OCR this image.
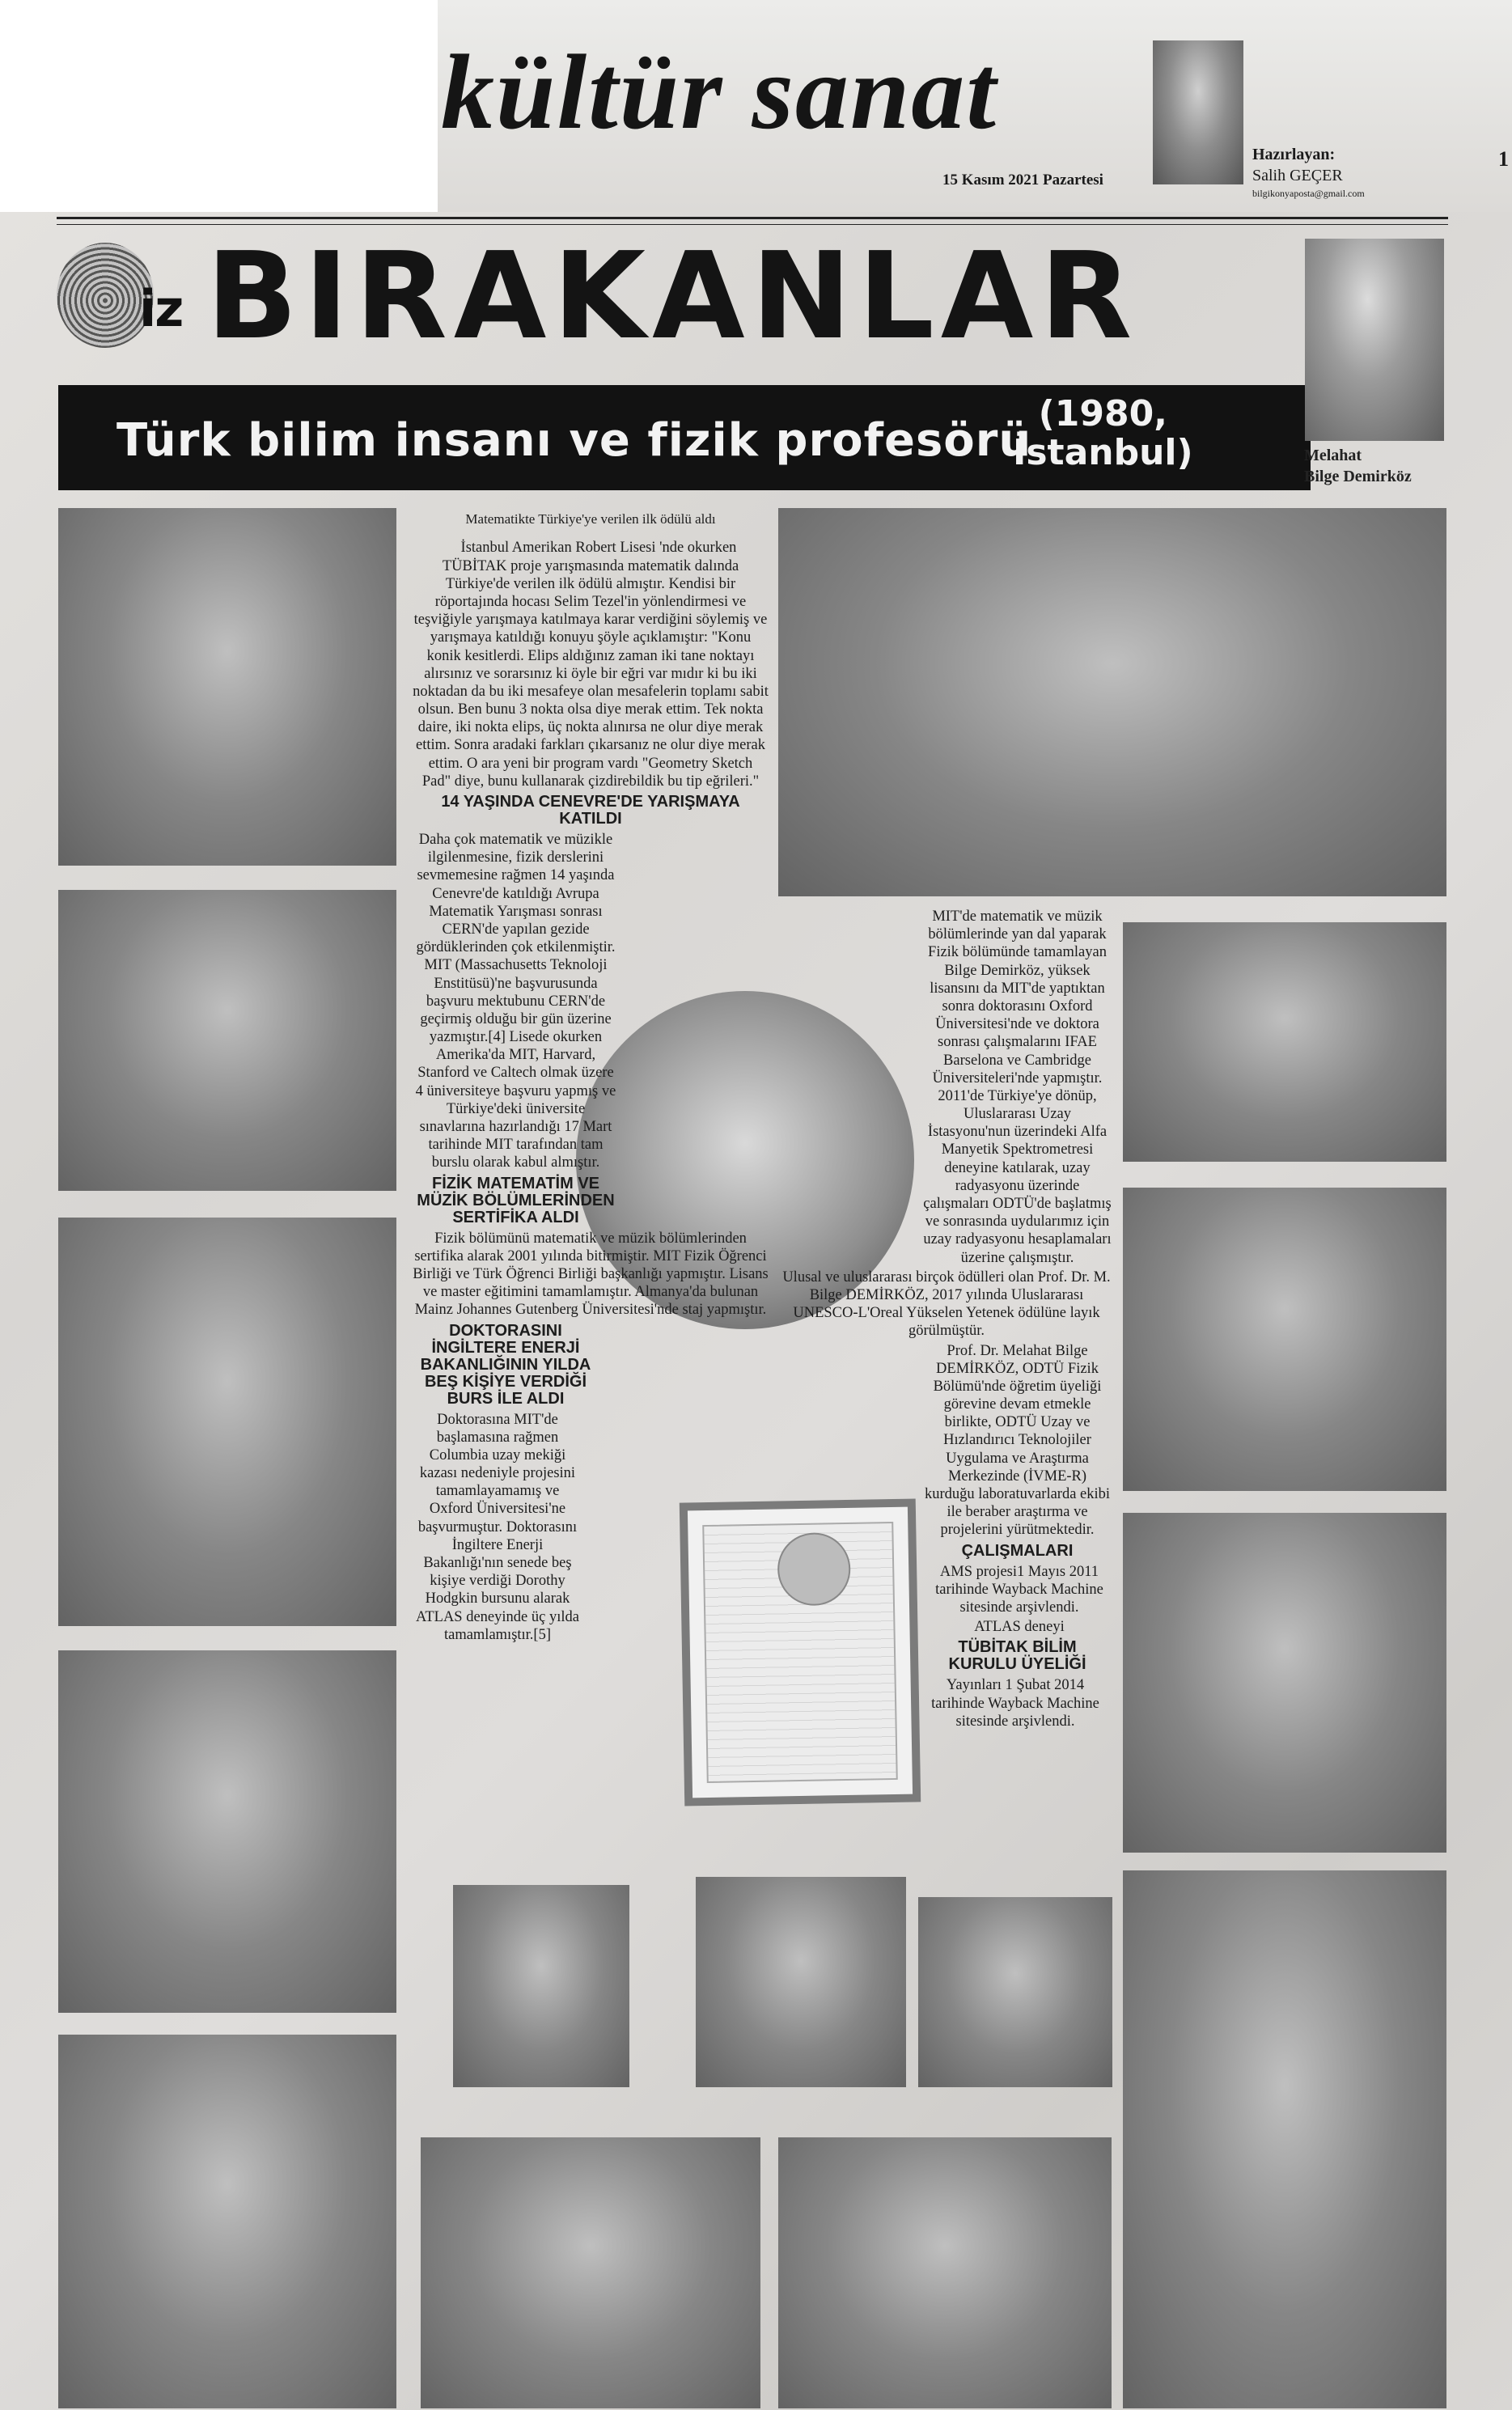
kültür sanat
15 Kasım 2021 Pazartesi
Hazırlayan:
Salih GEÇER
bilgikonyaposta@gmail.com
1
iz BIRAKANLAR
Türk bilim insanı ve fizik profesörü
(1980,
İstanbul)	Melahat
Bilge Demirköz

Matematikte Türkiye'ye verilen ilk ödülü aldı

İstanbul Amerikan Robert Lisesi 'nde okurken TÜBİTAK proje yarışmasında matematik dalında Türkiye'de verilen ilk ödülü almıştır. Kendisi bir röportajında hocası Selim Tezel'in yönlendirmesi ve teşviğiyle yarışmaya katılmaya karar verdiğini söylemiş ve yarışmaya katıldığı konuyu şöyle açıklamıştır: "Konu konik kesitlerdi. Elips aldığınız zaman iki tane noktayı alırsınız ve sorarsınız ki öyle bir eğri var mıdır ki bu iki noktadan da bu iki mesafeye olan mesafelerin toplamı sabit olsun. Ben bunu 3 nokta olsa diye merak ettim. Tek nokta daire, iki nokta elips, üç nokta alınırsa ne olur diye merak ettim. Sonra aradaki farkları çıkarsanız ne olur diye merak ettim. O ara yeni bir program vardı "Geometry Sketch Pad" diye, bunu kullanarak çizdirebildik bu tip eğrileri."

14 YAŞINDA CENEVRE'DE YARIŞMAYA KATILDI

Daha çok matematik ve müzikle ilgilenmesine, fizik derslerini sevmemesine rağmen 14 yaşında Cenevre'de katıldığı Avrupa Matematik Yarışması sonrası CERN'de yapılan gezide gördüklerinden çok etkilenmiştir. MIT (Massachusetts Teknoloji Enstitüsü)'ne başvurusunda başvuru mektubunu CERN'de geçirmiş olduğu bir gün üzerine yazmıştır.[4] Lisede okurken Amerika'da MIT, Harvard, Stanford ve Caltech olmak üzere 4 üniversiteye başvuru yapmış ve Türkiye'deki üniversite sınavlarına hazırlandığı 17 Mart tarihinde MIT tarafından tam burslu olarak kabul almıştır.

FİZİK MATEMATİM VE MÜZİK BÖLÜMLERİNDEN SERTİFİKA ALDI

Fizik bölümünü matematik ve müzik bölümlerinden sertifika alarak 2001 yılında bitirmiştir. MIT Fizik Öğrenci Birliği ve Türk Öğrenci Birliği başkanlığı yapmıştır. Lisans ve master eğitimini tamamlamıştır. Almanya'da bulunan Mainz Johannes Gutenberg Üniversitesi'nde staj yapmıştır.

DOKTORASINI İNGİLTERE ENERJİ BAKANLIĞININ YILDA BEŞ KİŞİYE VERDİĞİ BURS İLE ALDI

Doktorasına MIT'de başlamasına rağmen Columbia uzay mekiği kazası nedeniyle projesini tamamlayamamış ve Oxford Üniversitesi'ne başvurmuştur. Doktorasını İngiltere Enerji Bakanlığı'nın senede beş kişiye verdiği Dorothy Hodgkin bursunu alarak ATLAS deneyinde üç yılda tamamlamıştır.[5]

MIT'de matematik ve müzik bölümlerinde yan dal yaparak Fizik bölümünde tamamlayan Bilge Demirköz, yüksek lisansını da MIT'de yaptıktan sonra doktorasını Oxford Üniversitesi'nde ve doktora sonrası çalışmalarını IFAE Barselona ve Cambridge Üniversiteleri'nde yapmıştır. 2011'de Türkiye'ye dönüp, Uluslararası Uzay İstasyonu'nun üzerindeki Alfa Manyetik Spektrometresi deneyine katılarak, uzay radyasyonu üzerinde çalışmaları ODTÜ'de başlatmış ve sonrasında uydularımız için uzay radyasyonu hesaplamaları üzerine çalışmıştır.

Ulusal ve uluslararası birçok ödülleri olan Prof. Dr. M. Bilge DEMİRKÖZ, 2017 yılında Uluslararası UNESCO-L'Oreal Yükselen Yetenek ödülüne layık görülmüştür.

Prof. Dr. Melahat Bilge DEMİRKÖZ, ODTÜ Fizik Bölümü'nde öğretim üyeliği görevine devam etmekle birlikte, ODTÜ Uzay ve Hızlandırıcı Teknolojiler Uygulama ve Araştırma Merkezinde (İVME-R) kurduğu laboratuvarlarda ekibi ile beraber araştırma ve projelerini yürütmektedir.

ÇALIŞMALARI

AMS projesi1 Mayıs 2011 tarihinde Wayback Machine sitesinde arşivlendi.

ATLAS deneyi

TÜBİTAK BİLİM KURULU ÜYELİĞİ

Yayınları 1 Şubat 2014 tarihinde Wayback Machine sitesinde arşivlendi.
